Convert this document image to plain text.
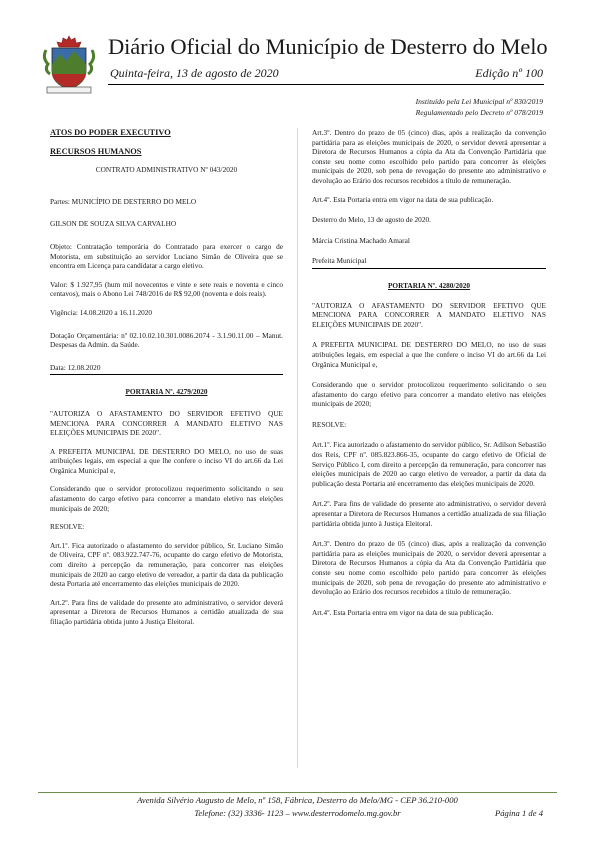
Diário Oficial do Município de Desterro do Melo
Quinta-feira, 13 de agosto de 2020	Edição nº 100
Instituído pela Lei Municipal nº 830/2019
Regulamentado pelo Decreto nº 078/2019

ATOS DO PODER EXECUTIVO

RECURSOS HUMANOS

CONTRATO ADMINISTRATIVO Nº 043/2020

Partes: MUNICÍPIO DE DESTERRO DO MELO

GILSON DE SOUZA SILVA CARVALHO

Objeto: Contratação temporária do Contratado para exercer o cargo de Motorista, em substituição ao servidor Luciano Simão de Oliveira que se encontra em Licença para candidatar a cargo eletivo.

Valor: $ 1.927,95 (hum mil novecentos e vinte e sete reais e noventa e cinco centavos), mais o Abono Lei 748/2016 de R$ 92,00 (noventa e dois reais).

Vigência: 14.08.2020 a 16.11.2020

Dotação Orçamentária: nº 02.10.02.10.301.0086.2074 - 3.1.90.11.00 – Manut. Despesas da Admin. da Saúde.

Data: 12.08.2020

PORTARIA Nº. 4279/2020

"AUTORIZA O AFASTAMENTO DO SERVIDOR EFETIVO QUE MENCIONA PARA CONCORRER A MANDATO ELETIVO NAS ELEIÇÕES MUNICIPAIS DE 2020".

A PREFEITA MUNICIPAL DE DESTERRO DO MELO, no uso de suas atribuições legais, em especial a que lhe confere o inciso VI do art.66 da Lei Orgânica Municipal e,

Considerando que o servidor protocolizou requerimento solicitando o seu afastamento do cargo efetivo para concorrer a mandato eletivo nas eleições municipais de 2020;

RESOLVE:

Art.1º. Fica autorizado o afastamento do servidor público, Sr. Luciano Simão de Oliveira, CPF nº. 083.922.747-76, ocupante do cargo efetivo de Motorista, com direito a percepção da remuneração, para concorrer nas eleições municipais de 2020 ao cargo eletivo de vereador, a partir da data da publicação desta Portaria até encerramento das eleições municipais de 2020.

Art.2º. Para fins de validade do presente ato administrativo, o servidor deverá apresentar a Diretora de Recursos Humanos a certidão atualizada de sua filiação partidária obtida junto à Justiça Eleitoral.

Art.3º. Dentro do prazo de 05 (cinco) dias, após a realização da convenção partidária para as eleições municipais de 2020, o servidor deverá apresentar a Diretora de Recursos Humanos a cópia da Ata da Convenção Partidária que conste seu nome como escolhido pelo partido para concorrer às eleições municipais de 2020, sob pena de revogação do presente ato administrativo e devolução ao Erário dos recursos recebidos a título de remuneração.

Art.4º. Esta Portaria entra em vigor na data de sua publicação.

Desterro do Melo, 13 de agosto de 2020.

Márcia Cristina Machado Amaral

Prefeita Municipal

PORTARIA Nº. 4280/2020

"AUTORIZA O AFASTAMENTO DO SERVIDOR EFETIVO QUE MENCIONA PARA CONCORRER A MANDATO ELETIVO NAS ELEIÇÕES MUNICIPAIS DE 2020".

A PREFEITA MUNICIPAL DE DESTERRO DO MELO, no uso de suas atribuições legais, em especial a que lhe confere o inciso VI do art.66 da Lei Orgânica Municipal e,

Considerando que o servidor protocolizou requerimento solicitando o seu afastamento do cargo efetivo para concorrer a mandato eletivo nas eleições municipais de 2020;

RESOLVE:

Art.1º. Fica autorizado o afastamento do servidor público, Sr. Adilson Sebastião dos Reis, CPF nº. 085.823.866-35, ocupante do cargo efetivo de Oficial de Serviço Público I, com direito a percepção da remuneração, para concorrer nas eleições municipais de 2020 ao cargo eletivo de vereador, a partir da data da publicação desta Portaria até encerramento das eleições municipais de 2020.

Art.2º. Para fins de validade do presente ato administrativo, o servidor deverá apresentar a Diretora de Recursos Humanos a certidão atualizada de sua filiação partidária obtida junto à Justiça Eleitoral.

Art.3º. Dentro do prazo de 05 (cinco) dias, após a realização da convenção partidária para as eleições municipais de 2020, o servidor deverá apresentar a Diretora de Recursos Humanos a cópia da Ata da Convenção Partidária que conste seu nome como escolhido pelo partido para concorrer às eleições municipais de 2020, sob pena de revogação do presente ato administrativo e devolução ao Erário dos recursos recebidos a título de remuneração.

Art.4º. Esta Portaria entra em vigor na data de sua publicação.

Avenida Silvério Augusto de Melo, nº 158, Fábrica, Desterro do Melo/MG - CEP 36.210-000
Telefone: (32) 3336- 1123 – www.desterrodomelo.mg.gov.br	Página 1 de 4
